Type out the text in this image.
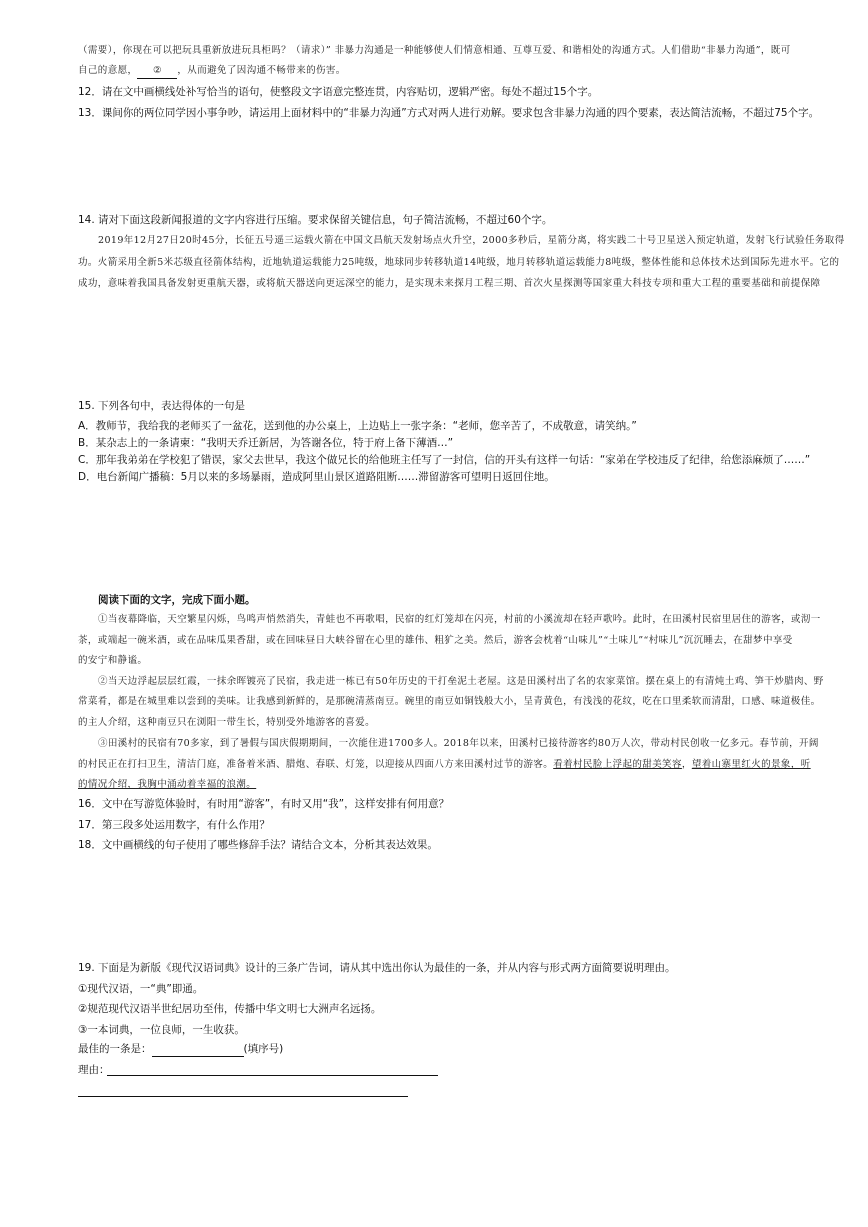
（需要），你现在可以把玩具重新放进玩具柜吗？（请求）” 非暴力沟通是一种能够使人们情意相通、互尊互爱、和谐相处的沟通方式。人们借助“非暴力沟通”，既可
自己的意愿， ② ，从而避免了因沟通不畅带来的伤害。
12．请在文中画横线处补写恰当的语句，使整段文字语意完整连贯，内容贴切，逻辑严密。每处不超过15个字。
13．课间你的两位同学因小事争吵，请运用上面材料中的“非暴力沟通”方式对两人进行劝解。要求包含非暴力沟通的四个要素，表达简洁流畅，不超过75个字。
14. 请对下面这段新闻报道的文字内容进行压缩。要求保留关键信息，句子简洁流畅，不超过60个字。
2019年12月27日20时45分，长征五号遥三运载火箭在中国文昌航天发射场点火升空，2000多秒后，星箭分离，将实践二十号卫星送入预定轨道，发射飞行试验任务取得
功。火箭采用全新5米芯级直径箭体结构，近地轨道运载能力25吨级，地球同步转移轨道14吨级，地月转移轨道运载能力8吨级，整体性能和总体技术达到国际先进水平。它的
成功，意味着我国具备发射更重航天器，或将航天器送向更远深空的能力，是实现未来探月工程三期、首次火星探测等国家重大科技专项和重大工程的重要基础和前提保障
15. 下列各句中，表达得体的一句是
A．教师节，我给我的老师买了一盆花，送到他的办公桌上，上边贴上一张字条：“老师，您辛苦了，不成敬意，请笑纳。”
B．某杂志上的一条请柬：“我明天乔迁新居，为答谢各位，特于府上备下薄酒…”
C．那年我弟弟在学校犯了错误，家父去世早，我这个做兄长的给他班主任写了一封信，信的开头有这样一句话：“家弟在学校违反了纪律，给您添麻烦了……”
D．电台新闻广播稿：5月以来的多场暴雨，造成阿里山景区道路阻断……滞留游客可望明日返回住地。
阅读下面的文字，完成下面小题。
①当夜幕降临，天空繁星闪烁，鸟鸣声悄然消失，青蛙也不再歌唱，民宿的红灯笼却在闪亮，村前的小溪流却在轻声歌吟。此时，在田溪村民宿里居住的游客，或沏一
茶，或端起一碗米酒，或在品味瓜果香甜，或在回味昼日大峡谷留在心里的雄伟、粗犷之美。然后，游客会枕着“山味儿”“土味儿”“村味儿”沉沉睡去，在甜梦中享受
的安宁和静谧。
②当天边浮起层层红霞，一抹余晖镀亮了民宿，我走进一栋已有50年历史的干打垒泥土老屋。这是田溪村出了名的农家菜馆。摆在桌上的有清炖土鸡、笋干炒腊肉、野
常菜肴，都是在城里难以尝到的美味。让我感到新鲜的，是那碗清蒸南豆。碗里的南豆如铜钱般大小，呈青黄色，有浅浅的花纹，吃在口里柔软而清甜，口感、味道极佳。
的主人介绍，这种南豆只在浏阳一带生长，特别受外地游客的喜爱。
③田溪村的民宿有70多家，到了暑假与国庆假期期间，一次能住进1700多人。2018年以来，田溪村已接待游客约80万人次，带动村民创收一亿多元。春节前，开阔
的村民正在打扫卫生，清洁门庭，准备着米酒、腊炮、春联、灯笼，以迎接从四面八方来田溪村过节的游客。看着村民脸上浮起的甜美笑容，望着山寨里红火的景象，听
的情况介绍，我胸中涌动着幸福的浪潮。
16．文中在写游览体验时，有时用“游客”，有时又用“我”，这样安排有何用意？
17．第三段多处运用数字，有什么作用？
18．文中画横线的句子使用了哪些修辞手法？请结合文本，分析其表达效果。
19. 下面是为新版《现代汉语词典》设计的三条广告词，请从其中选出你认为最佳的一条，并从内容与形式两方面简要说明理由。
①现代汉语，一“典”即通。
②规范现代汉语半世纪居功至伟，传播中华文明七大洲声名远扬。
③一本词典，一位良师，一生收获。
最佳的一条是：	(填序号)
理由：
